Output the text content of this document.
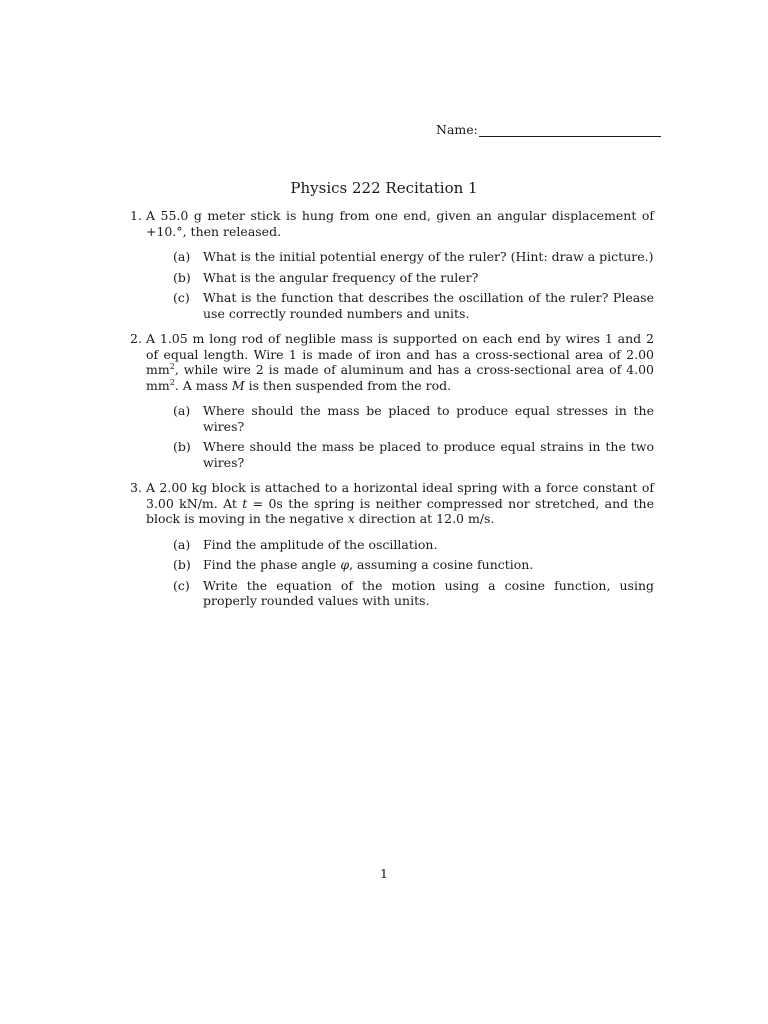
Name:
Physics 222 Recitation 1
1. A 55.0 g meter stick is hung from one end, given an angular displacement of +10.°, then released.
(a) What is the initial potential energy of the ruler? (Hint: draw a picture.)
(b) What is the angular frequency of the ruler?
(c) What is the function that describes the oscillation of the ruler? Please use correctly rounded numbers and units.
2. A 1.05 m long rod of neglible mass is supported on each end by wires 1 and 2 of equal length. Wire 1 is made of iron and has a cross-sectional area of 2.00 $mm^2$, while wire 2 is made of aluminum and has a cross-sectional area of 4.00 $mm^2$. A mass M is then suspended from the rod.
(a) Where should the mass be placed to produce equal stresses in the wires?
(b) Where should the mass be placed to produce equal strains in the two wires?
3. A 2.00 kg block is attached to a horizontal ideal spring with a force constant of 3.00 kN/m. At t = 0s the spring is neither compressed nor stretched, and the block is moving in the negative x direction at 12.0 m/s.
(a) Find the amplitude of the oscillation.
(b) Find the phase angle φ, assuming a cosine function.
(c) Write the equation of the motion using a cosine function, using properly rounded values with units.
1
